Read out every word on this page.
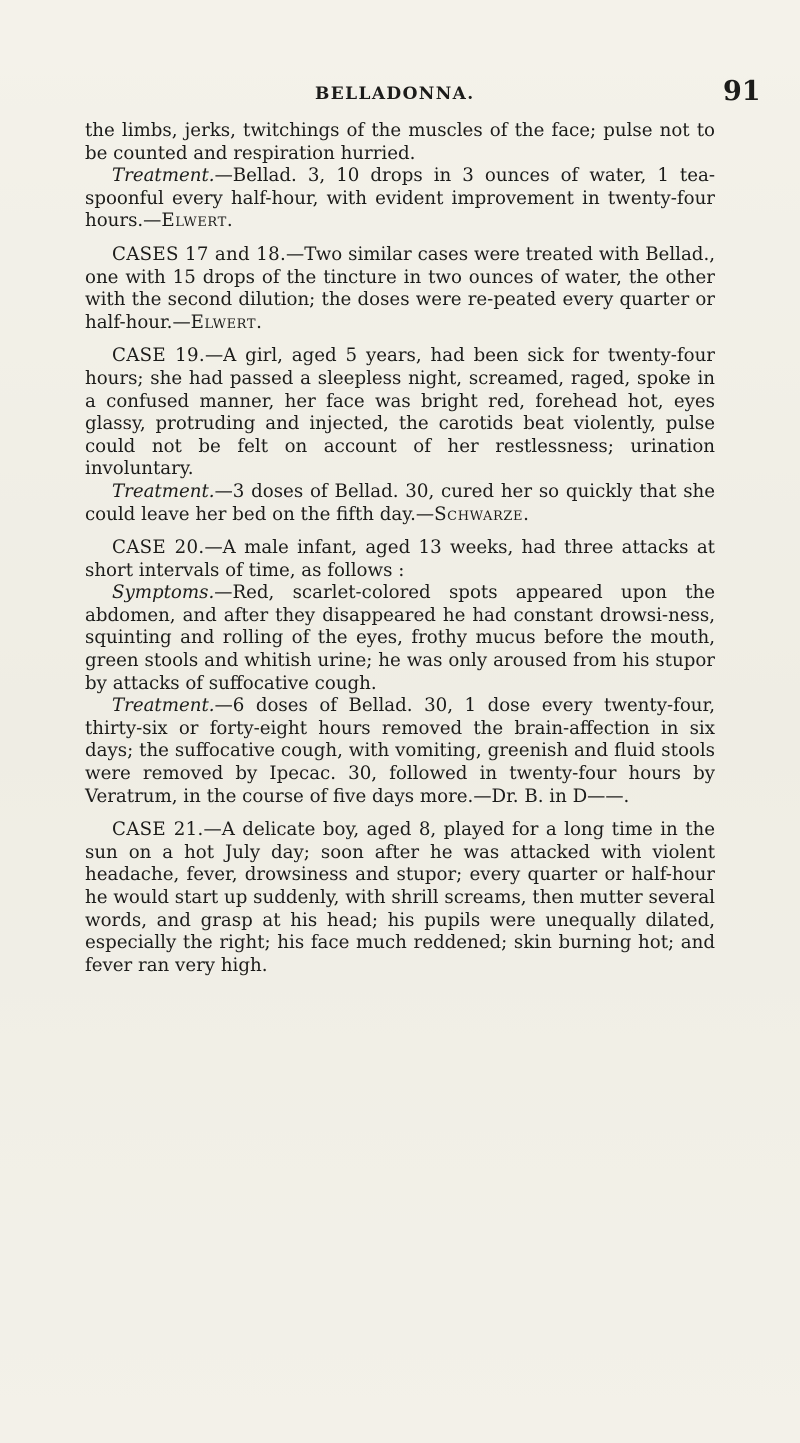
BELLADONNA.	91

the limbs, jerks, twitchings of the muscles of the face; pulse not to be counted and respiration hurried.

Treatment.—Bellad. 3, 10 drops in 3 ounces of water, 1 tea-spoonful every half-hour, with evident improvement in twenty-four hours.—Elwert.

CASES 17 and 18.—Two similar cases were treated with Bellad., one with 15 drops of the tincture in two ounces of water, the other with the second dilution; the doses were re-peated every quarter or half-hour.—Elwert.

CASE 19.—A girl, aged 5 years, had been sick for twenty-four hours; she had passed a sleepless night, screamed, raged, spoke in a confused manner, her face was bright red, forehead hot, eyes glassy, protruding and injected, the carotids beat violently, pulse could not be felt on account of her restlessness; urination involuntary.

Treatment.—3 doses of Bellad. 30, cured her so quickly that she could leave her bed on the fifth day.—Schwarze.

CASE 20.—A male infant, aged 13 weeks, had three attacks at short intervals of time, as follows :

Symptoms.—Red, scarlet-colored spots appeared upon the abdomen, and after they disappeared he had constant drowsi-ness, squinting and rolling of the eyes, frothy mucus before the mouth, green stools and whitish urine; he was only aroused from his stupor by attacks of suffocative cough.

Treatment.—6 doses of Bellad. 30, 1 dose every twenty-four, thirty-six or forty-eight hours removed the brain-affection in six days; the suffocative cough, with vomiting, greenish and fluid stools were removed by Ipecac. 30, followed in twenty-four hours by Veratrum, in the course of five days more.—Dr. B. in D——.

CASE 21.—A delicate boy, aged 8, played for a long time in the sun on a hot July day; soon after he was attacked with violent headache, fever, drowsiness and stupor; every quarter or half-hour he would start up suddenly, with shrill screams, then mutter several words, and grasp at his head; his pupils were unequally dilated, especially the right; his face much reddened; skin burning hot; and fever ran very high.
